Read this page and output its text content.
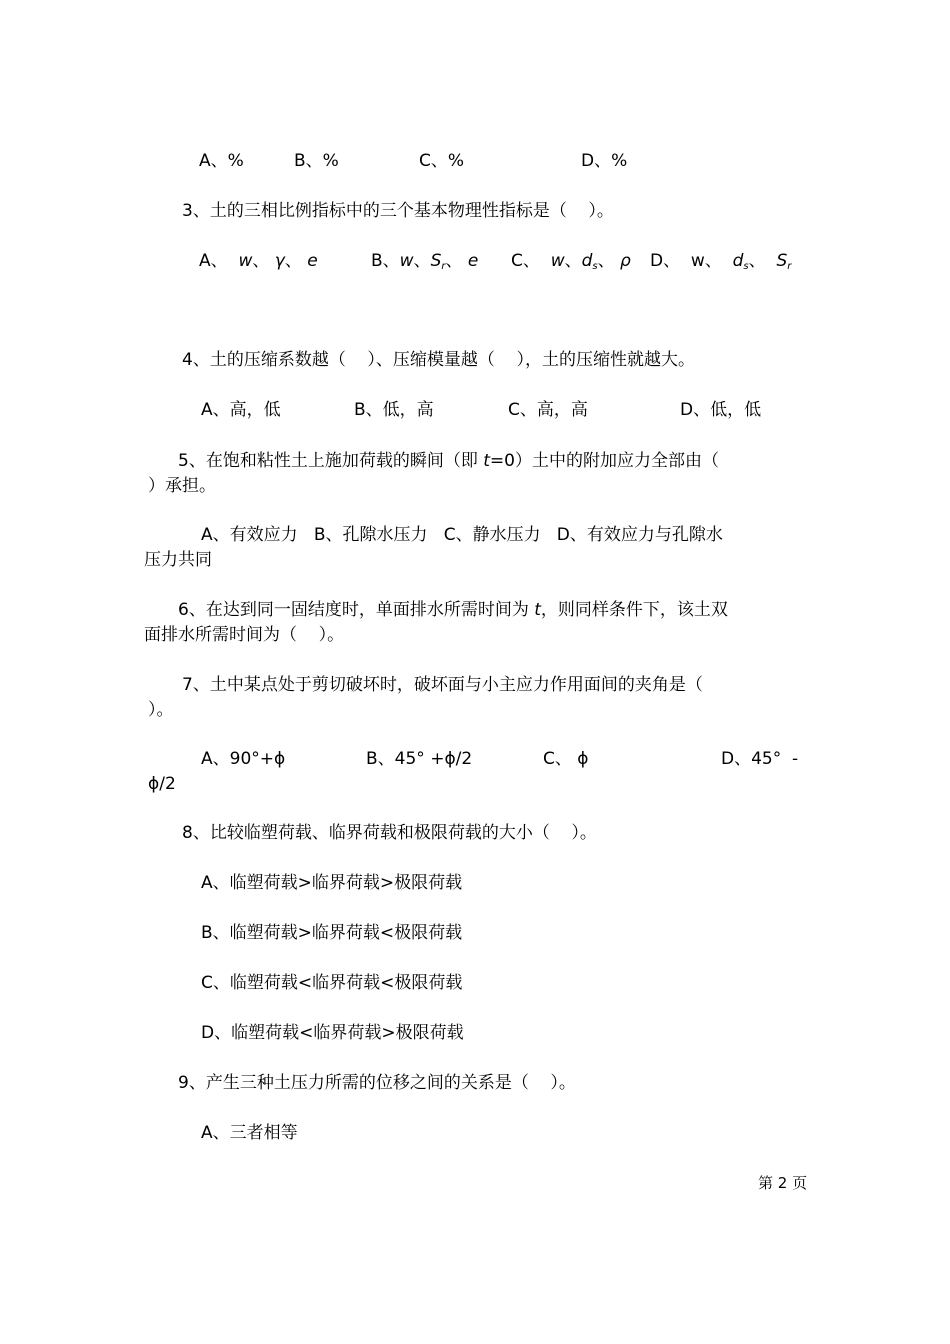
A、%	B、%	C、%	D、%
3、土的三相比例指标中的三个基本物理性指标是（    ）。
A、 w、 γ、 e	B、w、$S_r$、 e C、 w、$d_s$、 ρ D、 w、 $d_s$、 $S_r$
4、土的压缩系数越（    ）、压缩模量越（    ），土的压缩性就越大。
A、高，低	B、低，高	C、高，高	D、低，低
5、在饱和粘性土上施加荷载的瞬间（即 t=0）土中的附加应力全部由（
）承担。
A、有效应力   B、孔隙水压力   C、静水压力   D、有效应力与孔隙水
压力共同
6、在达到同一固结度时，单面排水所需时间为 t，则同样条件下，该土双
面排水所需时间为（    ）。
7、土中某点处于剪切破坏时，破坏面与小主应力作用面间的夹角是（
）。
A、90°+ϕ	B、45° +ϕ/2	C、 ϕ	D、45°  -
ϕ/2
8、比较临塑荷载、临界荷载和极限荷载的大小（    ）。
A、临塑荷载>临界荷载>极限荷载
B、临塑荷载>临界荷载<极限荷载
C、临塑荷载<临界荷载<极限荷载
D、临塑荷载<临界荷载>极限荷载
9、产生三种土压力所需的位移之间的关系是（    ）。
A、三者相等
第 2 页
